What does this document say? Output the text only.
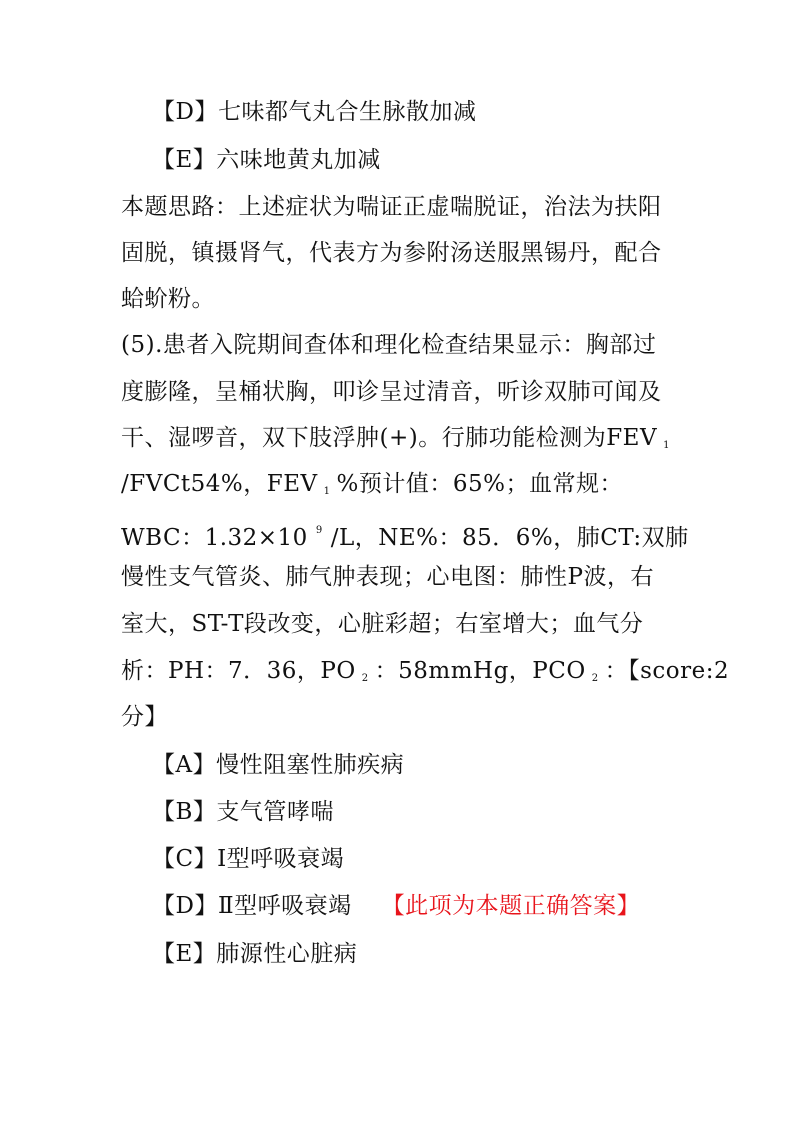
【D】七味都气丸合生脉散加减
【E】六味地黄丸加减
本题思路：上述症状为喘证正虚喘脱证，治法为扶阳
固脱，镇摄肾气，代表方为参附汤送服黑锡丹，配合
蛤蚧粉。
(5).患者入院期间查体和理化检查结果显示：胸部过
度膨隆，呈桶状胸，叩诊呈过清音，听诊双肺可闻及
干、湿啰音，双下肢浮肿(+)。行肺功能检测为FEV $_1$
/FVCt54%，FEV $_1$ %预计值：65%；血常规：
WBC：1.32×10 $^9$ /L，NE%：85．6%，肺CT:双肺
慢性支气管炎、肺气肿表现；心电图：肺性P波，右
室大，ST-T段改变，心脏彩超；右室增大；血气分
析：PH：7．36，PO $_2$ ：58mmHg，PCO $_2$ ：【score:2
分】
【A】慢性阻塞性肺疾病
【B】支气管哮喘
【C】I型呼吸衰竭
【D】Ⅱ型呼吸衰竭 【此项为本题正确答案】
【E】肺源性心脏病
